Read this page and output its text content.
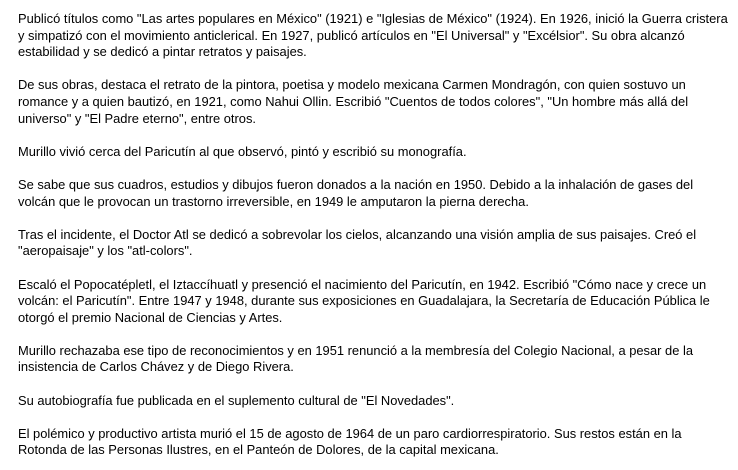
Publicó títulos como "Las artes populares en México" (1921) e "Iglesias de México" (1924). En 1926, inició la Guerra cristera y simpatizó con el movimiento anticlerical. En 1927, publicó artículos en "El Universal" y "Excélsior". Su obra alcanzó estabilidad y se dedicó a pintar retratos y paisajes.

De sus obras, destaca el retrato de la pintora, poetisa y modelo mexicana Carmen Mondragón, con quien sostuvo un romance y a quien bautizó, en 1921, como Nahui Ollin. Escribió "Cuentos de todos colores", "Un hombre más allá del universo" y "El Padre eterno", entre otros.

Murillo vivió cerca del Paricutín al que observó, pintó y escribió su monografía.

Se sabe que sus cuadros, estudios y dibujos fueron donados a la nación en 1950. Debido a la inhalación de gases del volcán que le provocan un trastorno irreversible, en 1949 le amputaron la pierna derecha.

Tras el incidente, el Doctor Atl se dedicó a sobrevolar los cielos, alcanzando una visión amplia de sus paisajes. Creó el "aeropaisaje" y los "atl-colors".

Escaló el Popocatépletl, el Iztaccíhuatl y presenció el nacimiento del Paricutín, en 1942. Escribió "Cómo nace y crece un volcán: el Paricutín". Entre 1947 y 1948, durante sus exposiciones en Guadalajara, la Secretaría de Educación Pública le otorgó el premio Nacional de Ciencias y Artes.

Murillo rechazaba ese tipo de reconocimientos y en 1951 renunció a la membresía del Colegio Nacional, a pesar de la insistencia de Carlos Chávez y de Diego Rivera.

Su autobiografía fue publicada en el suplemento cultural de "El Novedades".

El polémico y productivo artista murió el 15 de agosto de 1964 de un paro cardiorrespiratorio. Sus restos están en la Rotonda de las Personas Ilustres, en el Panteón de Dolores, de la capital mexicana.
